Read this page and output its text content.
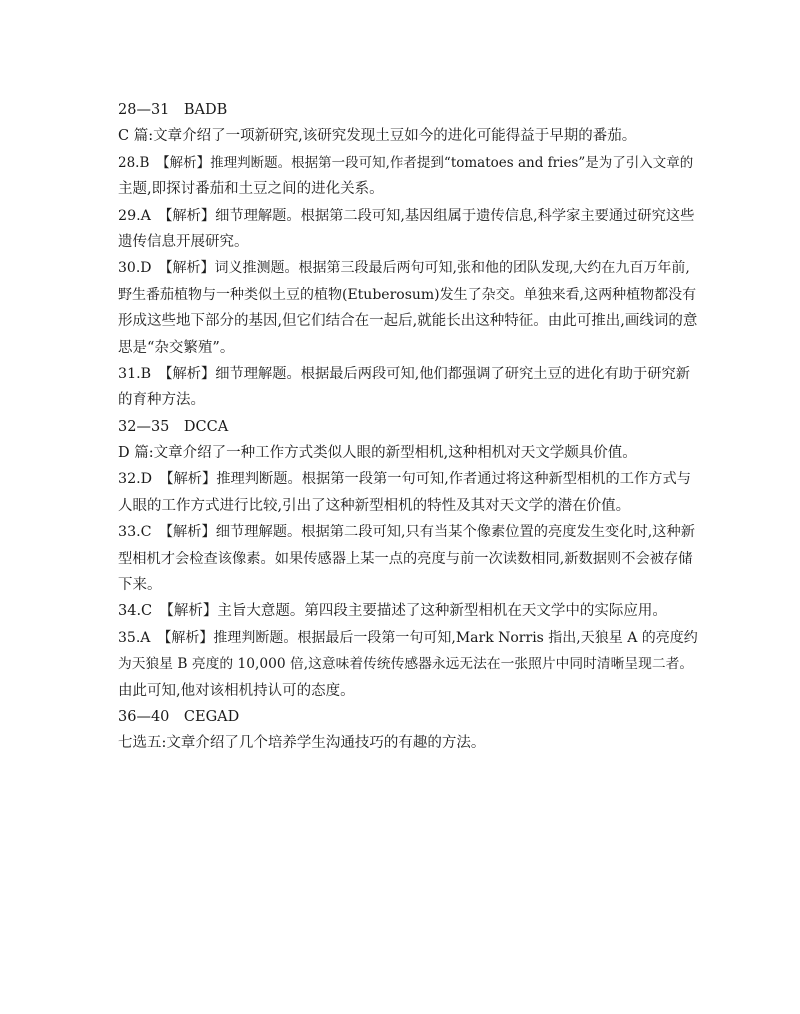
28—31　BADB
C 篇:文章介绍了一项新研究,该研究发现土豆如今的进化可能得益于早期的番茄。
28.B　【解析】推理判断题。根据第一段可知,作者提到“tomatoes and fries”是为了引入文章的
主题,即探讨番茄和土豆之间的进化关系。
29.A　【解析】细节理解题。根据第二段可知,基因组属于遗传信息,科学家主要通过研究这些
遗传信息开展研究。
30.D　【解析】词义推测题。根据第三段最后两句可知,张和他的团队发现,大约在九百万年前,
野生番茄植物与一种类似土豆的植物(Etuberosum)发生了杂交。单独来看,这两种植物都没有
形成这些地下部分的基因,但它们结合在一起后,就能长出这种特征。由此可推出,画线词的意
思是“杂交繁殖”。
31.B　【解析】细节理解题。根据最后两段可知,他们都强调了研究土豆的进化有助于研究新
的育种方法。
32—35　DCCA
D 篇:文章介绍了一种工作方式类似人眼的新型相机,这种相机对天文学颇具价值。
32.D　【解析】推理判断题。根据第一段第一句可知,作者通过将这种新型相机的工作方式与
人眼的工作方式进行比较,引出了这种新型相机的特性及其对天文学的潜在价值。
33.C　【解析】细节理解题。根据第二段可知,只有当某个像素位置的亮度发生变化时,这种新
型相机才会检查该像素。如果传感器上某一点的亮度与前一次读数相同,新数据则不会被存储
下来。
34.C　【解析】主旨大意题。第四段主要描述了这种新型相机在天文学中的实际应用。
35.A　【解析】推理判断题。根据最后一段第一句可知,Mark Norris 指出,天狼星 A 的亮度约
为天狼星 B 亮度的 10,000 倍,这意味着传统传感器永远无法在一张照片中同时清晰呈现二者。
由此可知,他对该相机持认可的态度。
36—40　CEGAD
七选五:文章介绍了几个培养学生沟通技巧的有趣的方法。
